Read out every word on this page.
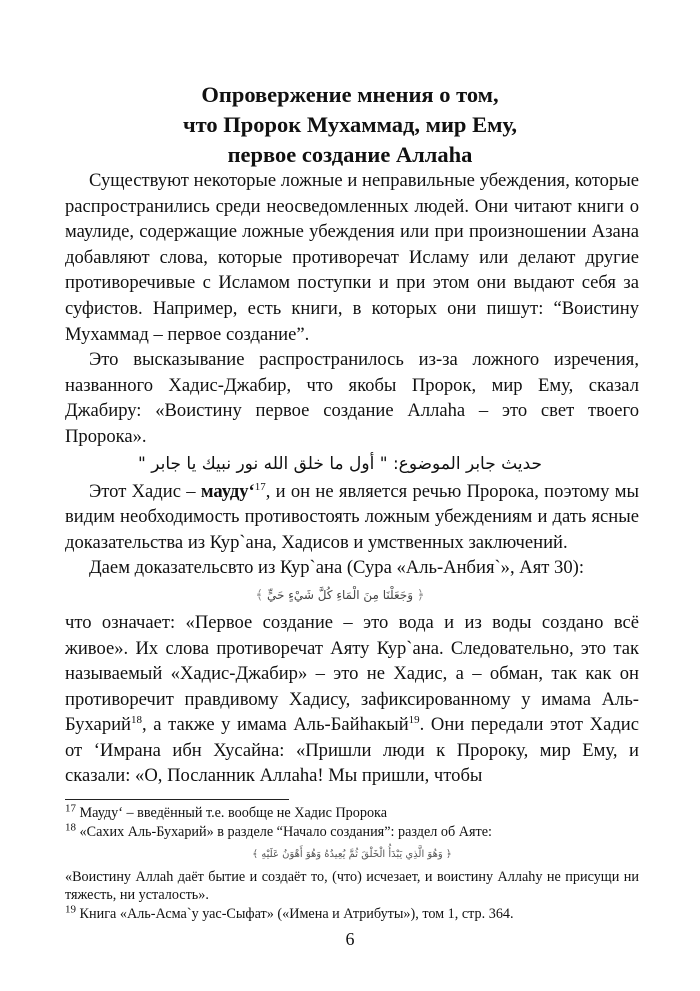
Опровержение мнения о том,
что Пророк Мухаммад, мир Ему,
первое создание Аллаhа

Существуют некоторые ложные и неправильные убеждения, которые распространились среди неосведомленных людей. Они читают книги о маулиде, содержащие ложные убеждения или при произношении Азана добавляют слова, которые противоречат Исламу или делают другие противоречивые с Исламом поступки и при этом они выдают себя за суфистов. Например, есть книги, в которых они пишут: “Воистину Мухаммад – первое создание”.

Это высказывание распространилось из-за ложного изречения, названного Хадис-Джабир, что якобы Пророк, мир Ему, сказал Джабиру: «Воистину первое создание Аллаhа – это свет твоего Пророка».

حديث جابر الموضوع: " أول ما خلق الله نور نبيك يا جابر "

Этот Хадис – мауду‘$^{17}$, и он не является речью Пророка, поэтому мы видим необходимость противостоять ложным убеждениям и дать ясные доказательства из Кур`ана, Хадисов и умственных заключений.

Даем доказательсвто из Кур`ана (Сура «Аль-Анбия`», Аят 30):

﴿ وَجَعَلْنَا مِنَ الْمَاءِ كُلَّ شَيْءٍ حَيٍّ ﴾

что означает: «Первое создание – это вода и из воды создано всё живое». Их слова противоречат Аяту Кур`ана. Следовательно, это так называемый «Хадис-Джабир» – это не Хадис, а – обман, так как он противоречит правдивому Хадису, зафиксированному у имама Аль-Бухарий$^{18}$, а также у имама Аль-Байhакый$^{19}$. Они передали этот Хадис от ‘Имрана ибн Хусайна: «Пришли люди к Пророку, мир Ему, и сказали: «О, Посланник Аллаhа! Мы пришли, чтобы

$^{17}$ Мауду‘ – введённый т.е. вообще не Хадис Пророка

$^{18}$ «Сахих Аль-Бухарий» в разделе “Начало создания”: раздел об Аяте:

﴿ وَهُوَ الَّذِي يَبْدَأُ الْخَلْقَ ثُمَّ يُعِيدُهُ وَهُوَ أَهْوَنُ عَلَيْهِ ﴾

«Воистину Аллаh даёт бытие и создаёт то, (что) исчезает, и воистину Аллаhу не присущи ни тяжесть, ни усталость».

$^{19}$ Книга «Аль-Асма`у уас-Сыфат» («Имена и Атрибуты»), том 1, стр. 364.

6
